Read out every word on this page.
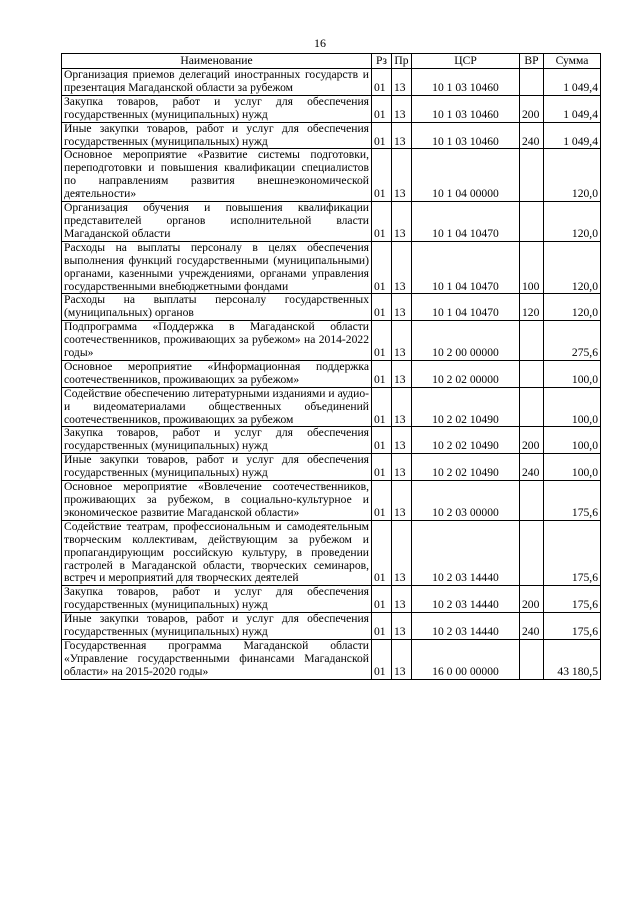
16
Наименование	Рз	Пр	ЦСР	ВР	Сумма
Организация приемов делегаций иностранных государств и презентация Магаданской области за рубежом	01	13	10 1 03 10460		1 049,4
Закупка товаров, работ и услуг для обеспечения государственных (муниципальных) нужд	01	13	10 1 03 10460	200	1 049,4
Иные закупки товаров, работ и услуг для обеспечения государственных (муниципальных) нужд	01	13	10 1 03 10460	240	1 049,4
Основное мероприятие «Развитие системы подготовки, переподготовки и повышения квалификации специалистов по направлениям развития внешнеэкономической деятельности»	01	13	10 1 04 00000		120,0
Организация обучения и повышения квалификации представителей органов исполнительной власти Магаданской области	01	13	10 1 04 10470		120,0
Расходы на выплаты персоналу в целях обеспечения выполнения функций государственными (муниципальными) органами, казенными учреждениями, органами управления государственными внебюджетными фондами	01	13	10 1 04 10470	100	120,0
Расходы на выплаты персоналу государственных (муниципальных) органов	01	13	10 1 04 10470	120	120,0
Подпрограмма «Поддержка в Магаданской области соотечественников, проживающих за рубежом» на 2014-2022 годы»	01	13	10 2 00 00000		275,6
Основное мероприятие «Информационная поддержка соотечественников, проживающих за рубежом»	01	13	10 2 02 00000		100,0
Содействие обеспечению литературными изданиями и аудио- и видеоматериалами общественных объединений соотечественников, проживающих за рубежом	01	13	10 2 02 10490		100,0
Закупка товаров, работ и услуг для обеспечения государственных (муниципальных) нужд	01	13	10 2 02 10490	200	100,0
Иные закупки товаров, работ и услуг для обеспечения государственных (муниципальных) нужд	01	13	10 2 02 10490	240	100,0
Основное мероприятие «Вовлечение соотечественников, проживающих за рубежом, в социально-культурное и экономическое развитие Магаданской области»	01	13	10 2 03 00000		175,6
Содействие театрам, профессиональным и самодеятельным творческим коллективам, действующим за рубежом и пропагандирующим российскую культуру, в проведении гастролей в Магаданской области, творческих семинаров, встреч и мероприятий для творческих деятелей	01	13	10 2 03 14440		175,6
Закупка товаров, работ и услуг для обеспечения государственных (муниципальных) нужд	01	13	10 2 03 14440	200	175,6
Иные закупки товаров, работ и услуг для обеспечения государственных (муниципальных) нужд	01	13	10 2 03 14440	240	175,6
Государственная программа Магаданской области «Управление государственными финансами Магаданской области» на 2015-2020 годы»	01	13	16 0 00 00000		43 180,5
